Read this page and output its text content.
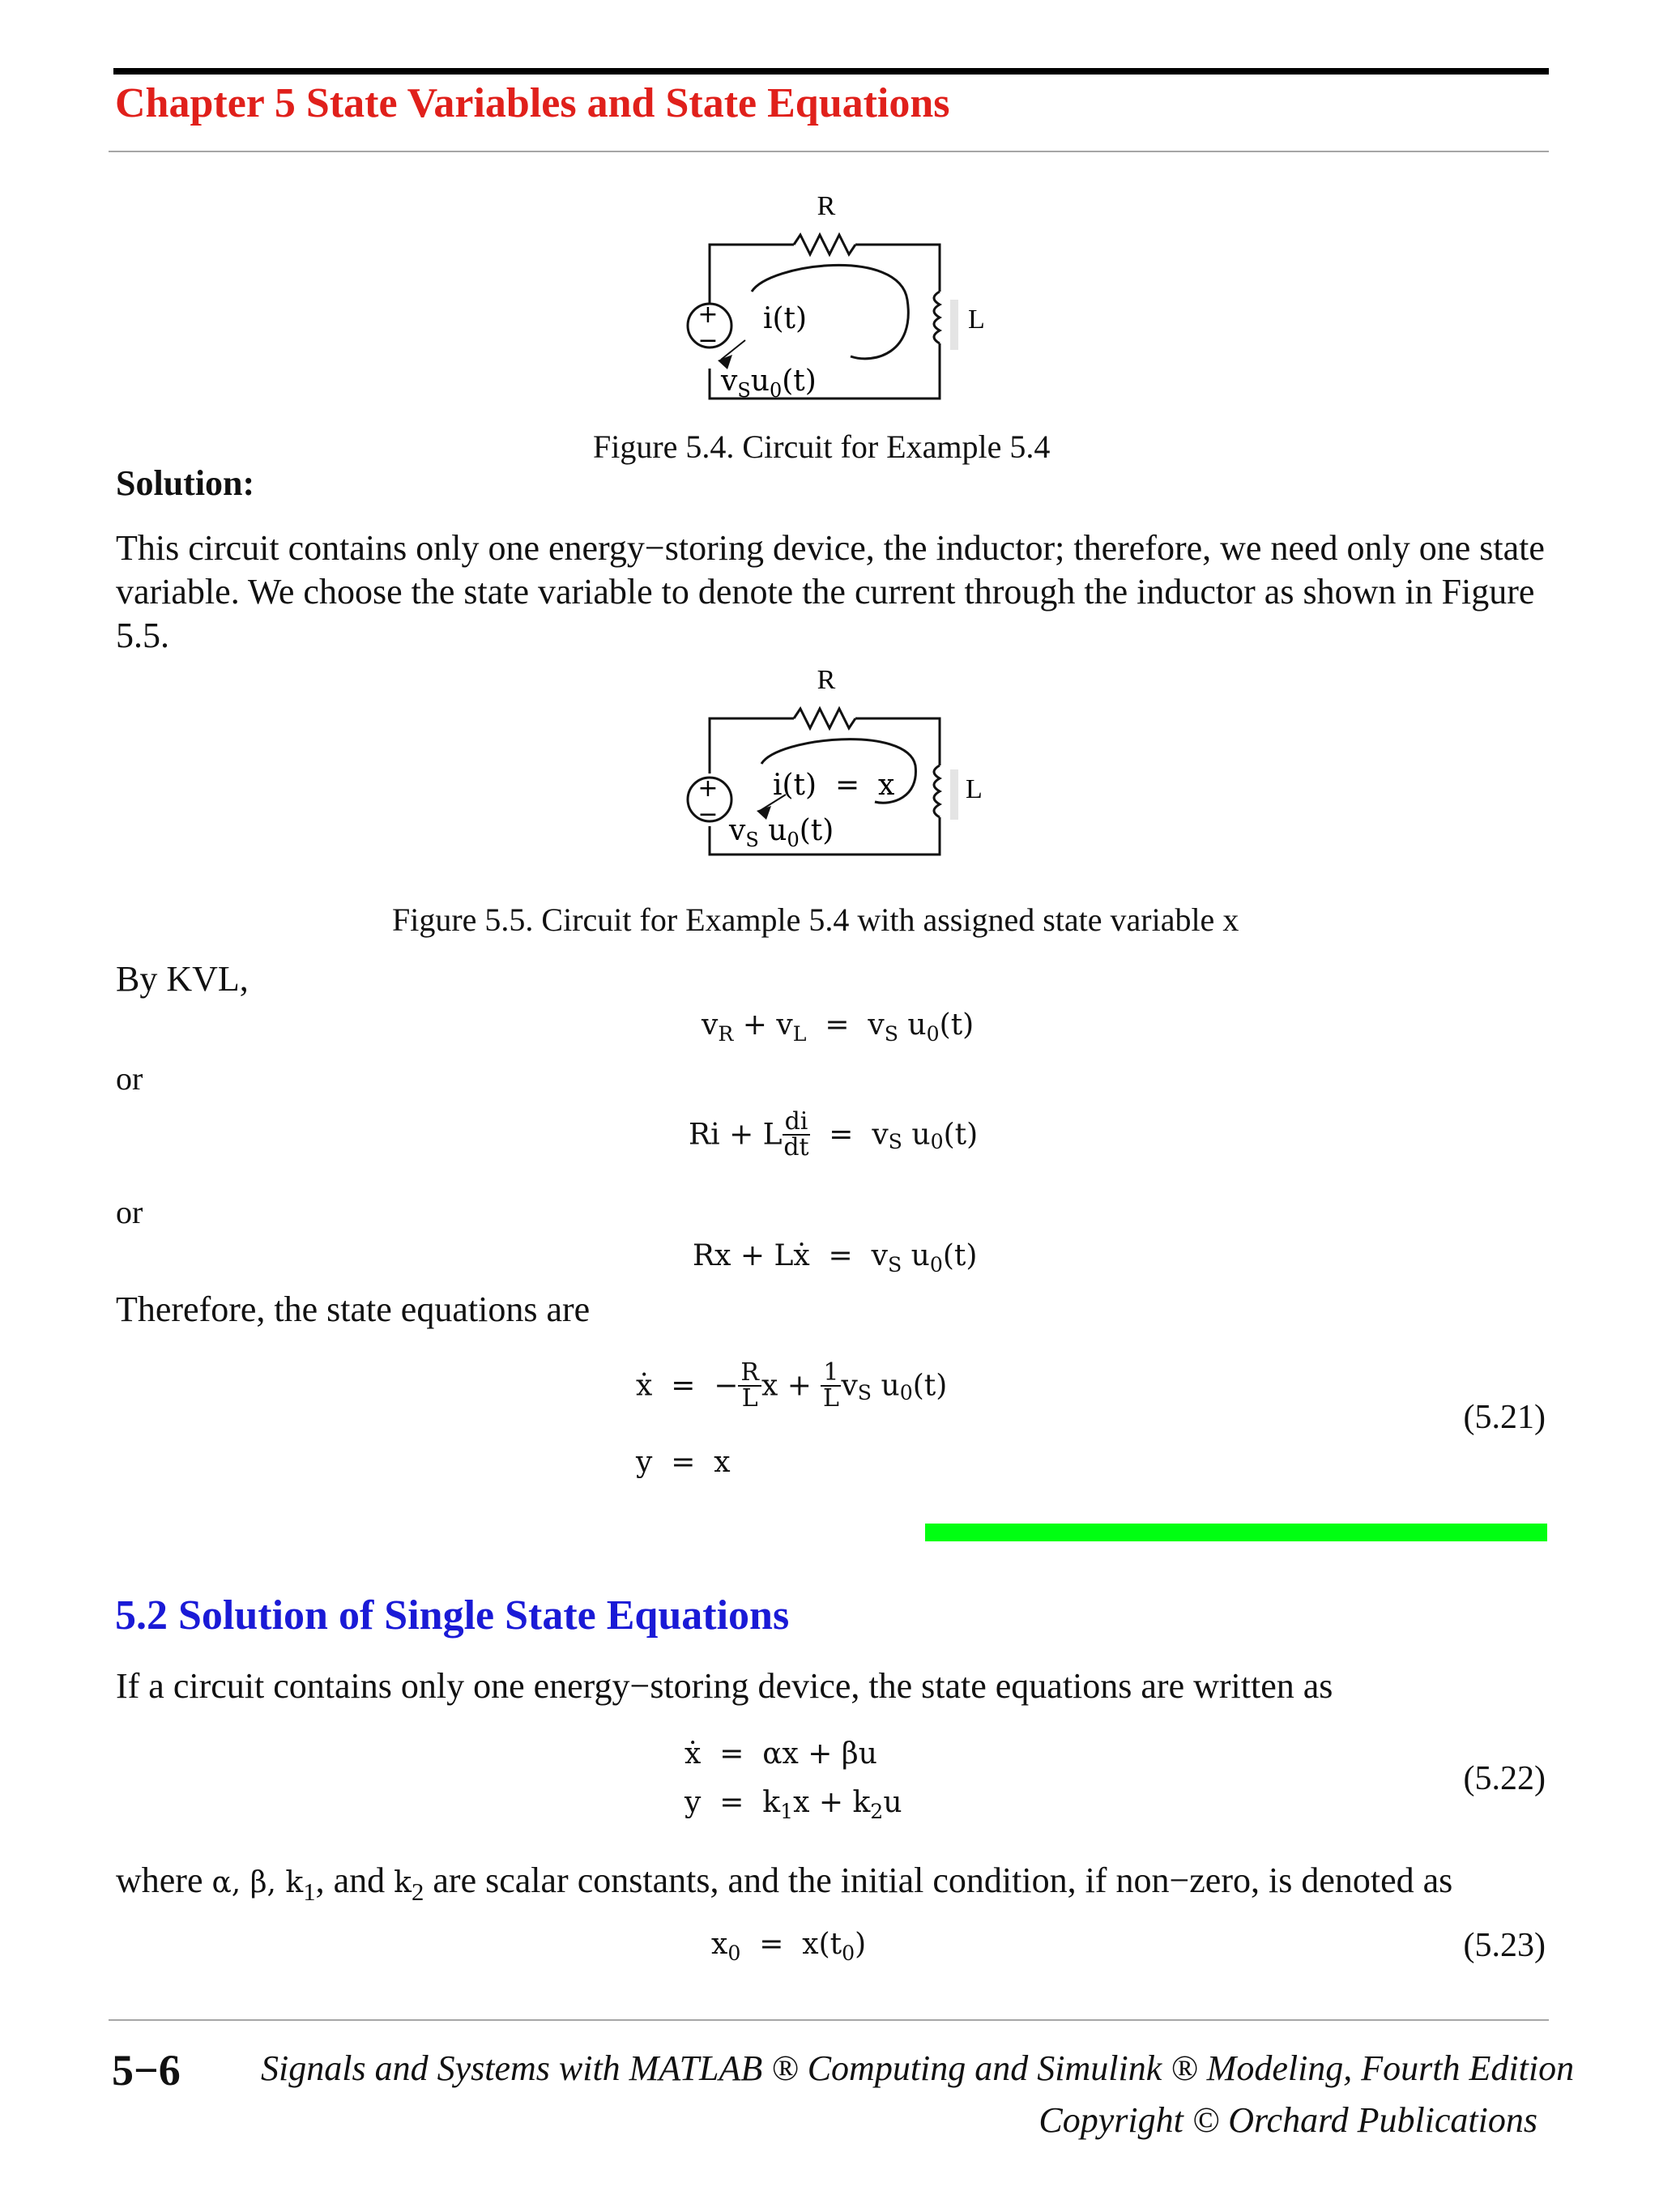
Chapter 5 State Variables and State Equations
+
−
R
L
i(t)
$v_Su_0(t)$
Figure 5.4. Circuit for Example 5.4
Solution:
This circuit contains only one energy−storing device, the inductor; therefore, we need only one state variable. We choose the state variable to denote the current through the inductor as shown in Figure 5.5.
+
−
R
L
i(t)  =  x
$v_S$ $u_0(t)$
Figure 5.5. Circuit for Example 5.4 with assigned state variable x
By KVL,
$v_R + v_L = v_S$ $u_0(t)$
or
Ri + L $\frac{di}{dt} = v_S$ $u_0(t)$
or
Rx + Lẋ  =  $v_S$ $u_0(t)$
Therefore, the state equations are
ẋ  =  − $\frac{R}{L}$ $x + \frac{1}{L} v_S$ $u_0(t)$
y  =  x
(5.21)
5.2 Solution of Single State Equations
If a circuit contains only one energy−storing device, the state equations are written as
ẋ  =  αx + βu
$y = k_1x + k_2u$
(5.22)
where α, β, $k_1$, and $k_2$ are scalar constants, and the initial condition, if non−zero, is denoted as
$x_0 = x(t_0)$	(5.23)
5−6 Signals and Systems with MATLAB ® Computing and Simulink ® Modeling, Fourth Edition
Copyright © Orchard Publications
